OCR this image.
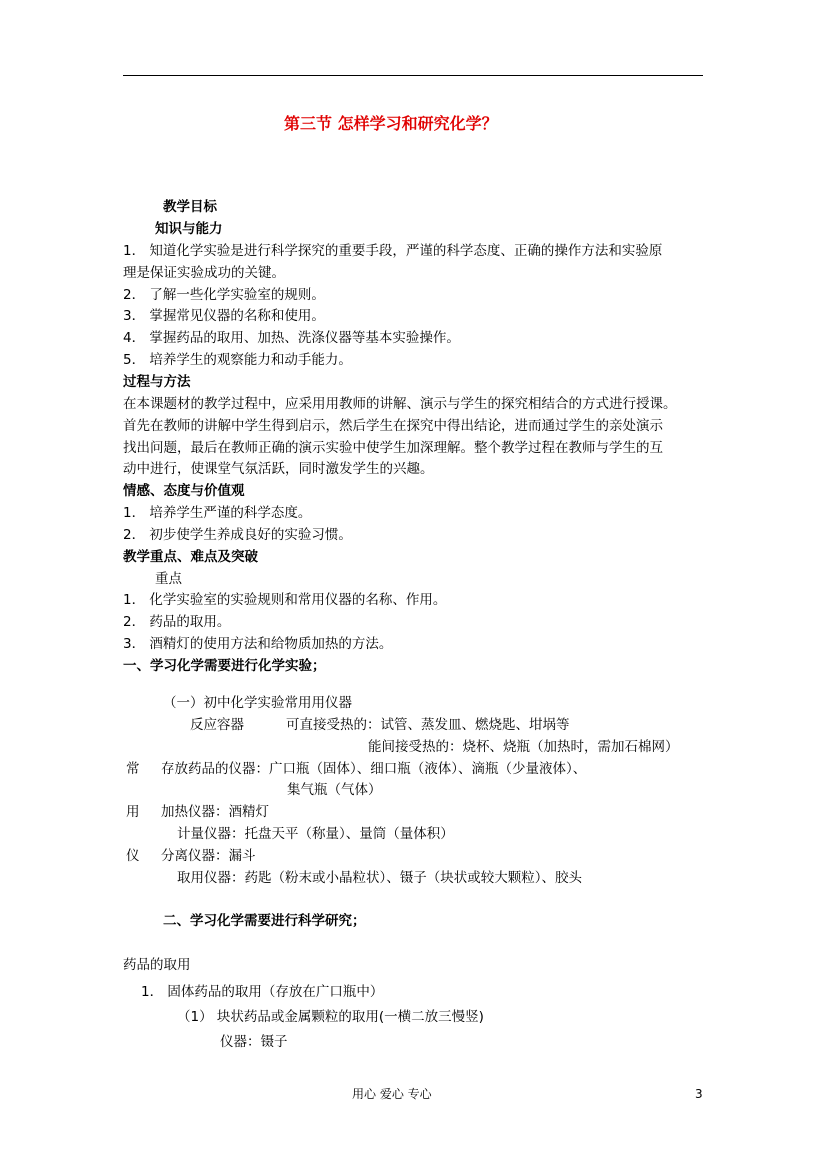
第三节 怎样学习和研究化学？
教学目标
知识与能力
1． 知道化学实验是进行科学探究的重要手段，严谨的科学态度、正确的操作方法和实验原
理是保证实验成功的关键。
2． 了解一些化学实验室的规则。
3． 掌握常见仪器的名称和使用。
4． 掌握药品的取用、加热、洗涤仪器等基本实验操作。
5． 培养学生的观察能力和动手能力。
过程与方法
在本课题材的教学过程中，应采用用教师的讲解、演示与学生的探究相结合的方式进行授课。
首先在教师的讲解中学生得到启示，然后学生在探究中得出结论，进而通过学生的亲处演示
找出问题，最后在教师正确的演示实验中使学生加深理解。整个教学过程在教师与学生的互
动中进行，使课堂气氛活跃，同时激发学生的兴趣。
情感、态度与价值观
1． 培养学生严谨的科学态度。
2． 初步使学生养成良好的实验习惯。
教学重点、难点及突破
重点
1． 化学实验室的实验规则和常用仪器的名称、作用。
2． 药品的取用。
3． 酒精灯的使用方法和给物质加热的方法。
一、学习化学需要进行化学实验；
（一）初中化学实验常用用仪器
反应容器	可直接受热的：试管、蒸发皿、燃烧匙、坩埚等
能间接受热的：烧杯、烧瓶（加热时，需加石棉网）
常 存放药品的仪器：广口瓶（固体）、细口瓶（液体）、滴瓶（少量液体）、
集气瓶（气体）
用 加热仪器：酒精灯
计量仪器：托盘天平（称量）、量筒（量体积）
仪 分离仪器：漏斗
取用仪器：药匙（粉末或小晶粒状）、镊子（块状或较大颗粒）、胶头
二、学习化学需要进行科学研究；
药品的取用
1． 固体药品的取用（存放在广口瓶中）
（1） 块状药品或金属颗粒的取用(一横二放三慢竖)
仪器：镊子
用心 爱心 专心	3
